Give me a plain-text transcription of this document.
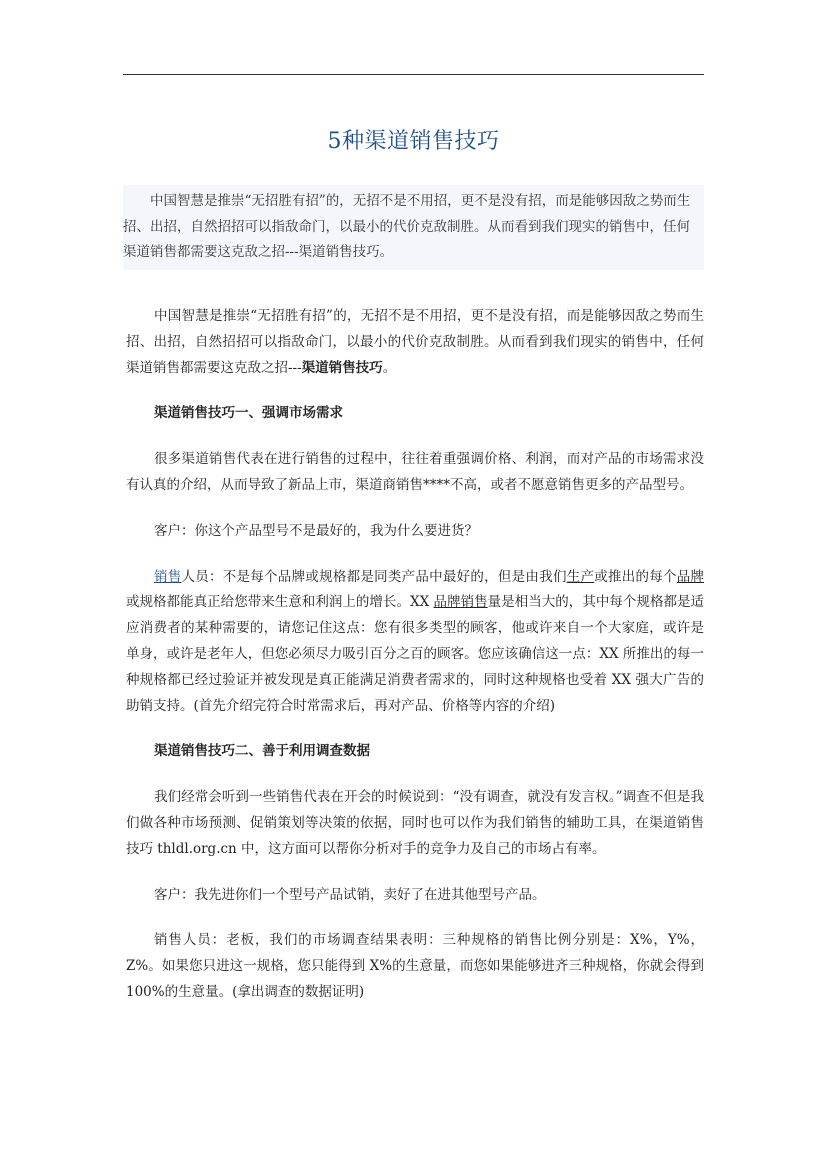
5种渠道销售技巧
中国智慧是推崇“无招胜有招”的，无招不是不用招，更不是没有招，而是能够因敌之势而生招、出招，自然招招可以指敌命门，以最小的代价克敌制胜。从而看到我们现实的销售中，任何渠道销售都需要这克敌之招---渠道销售技巧。

中国智慧是推崇“无招胜有招”的，无招不是不用招，更不是没有招，而是能够因敌之势而生招、出招，自然招招可以指敌命门，以最小的代价克敌制胜。从而看到我们现实的销售中，任何渠道销售都需要这克敌之招---渠道销售技巧。

渠道销售技巧一、强调市场需求

很多渠道销售代表在进行销售的过程中，往往着重强调价格、利润，而对产品的市场需求没有认真的介绍，从而导致了新品上市，渠道商销售****不高，或者不愿意销售更多的产品型号。

客户：你这个产品型号不是最好的，我为什么要进货？

销售人员：不是每个品牌或规格都是同类产品中最好的，但是由我们生产或推出的每个品牌或规格都能真正给您带来生意和利润上的增长。XX 品牌销售量是相当大的，其中每个规格都是适应消费者的某种需要的，请您记住这点：您有很多类型的顾客，他或许来自一个大家庭，或许是单身，或许是老年人，但您必须尽力吸引百分之百的顾客。您应该确信这一点：XX 所推出的每一种规格都已经过验证并被发现是真正能满足消费者需求的，同时这种规格也受着 XX 强大广告的助销支持。(首先介绍完符合时常需求后，再对产品、价格等内容的介绍)

渠道销售技巧二、善于利用调查数据

我们经常会听到一些销售代表在开会的时候说到：“没有调查，就没有发言权。”调查不但是我们做各种市场预测、促销策划等决策的依据，同时也可以作为我们销售的辅助工具，在渠道销售技巧 thldl.org.cn 中，这方面可以帮你分析对手的竞争力及自己的市场占有率。

客户：我先进你们一个型号产品试销，卖好了在进其他型号产品。

销售人员：老板，我们的市场调查结果表明：三种规格的销售比例分别是：X%，Y%，Z%。如果您只进这一规格，您只能得到 X%的生意量，而您如果能够进齐三种规格，你就会得到 100%的生意量。(拿出调查的数据证明)
